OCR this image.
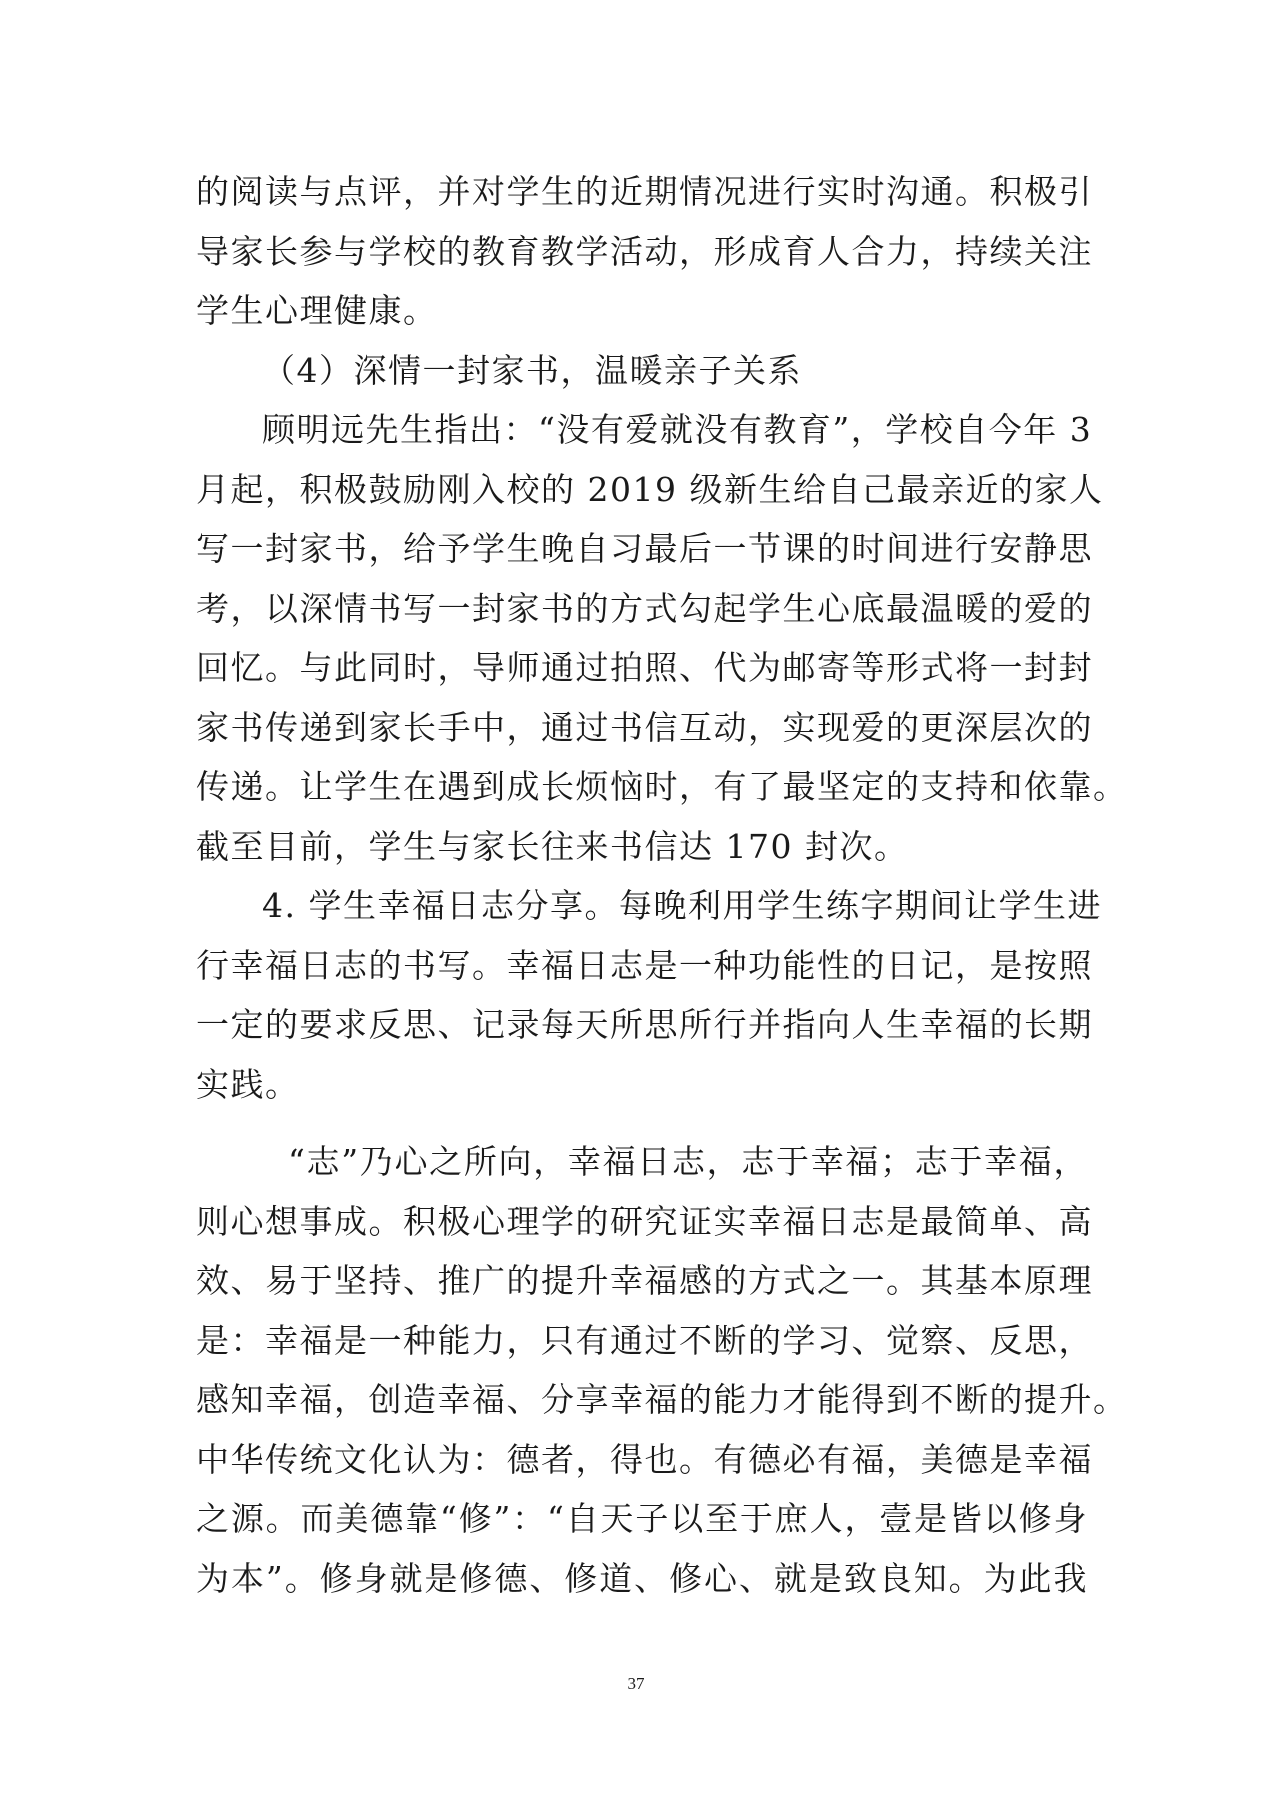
的阅读与点评，并对学生的近期情况进行实时沟通。积极引
导家长参与学校的教育教学活动，形成育人合力，持续关注
学生心理健康。
（4）深情一封家书，温暖亲子关系
顾明远先生指出：“没有爱就没有教育”，学校自今年 3
月起，积极鼓励刚入校的 2019 级新生给自己最亲近的家人
写一封家书，给予学生晚自习最后一节课的时间进行安静思
考，以深情书写一封家书的方式勾起学生心底最温暖的爱的
回忆。与此同时，导师通过拍照、代为邮寄等形式将一封封
家书传递到家长手中，通过书信互动，实现爱的更深层次的
传递。让学生在遇到成长烦恼时，有了最坚定的支持和依靠。
截至目前，学生与家长往来书信达 170 封次。
4. 学生幸福日志分享。每晚利用学生练字期间让学生进
行幸福日志的书写。幸福日志是一种功能性的日记，是按照
一定的要求反思、记录每天所思所行并指向人生幸福的长期
实践。
“志”乃心之所向，幸福日志，志于幸福；志于幸福，
则心想事成。积极心理学的研究证实幸福日志是最简单、高
效、易于坚持、推广的提升幸福感的方式之一。其基本原理
是：幸福是一种能力，只有通过不断的学习、觉察、反思，
感知幸福，创造幸福、分享幸福的能力才能得到不断的提升。
中华传统文化认为：德者，得也。有德必有福，美德是幸福
之源。而美德靠“修”：“自天子以至于庶人，壹是皆以修身
为本”。修身就是修德、修道、修心、就是致良知。为此我
37
